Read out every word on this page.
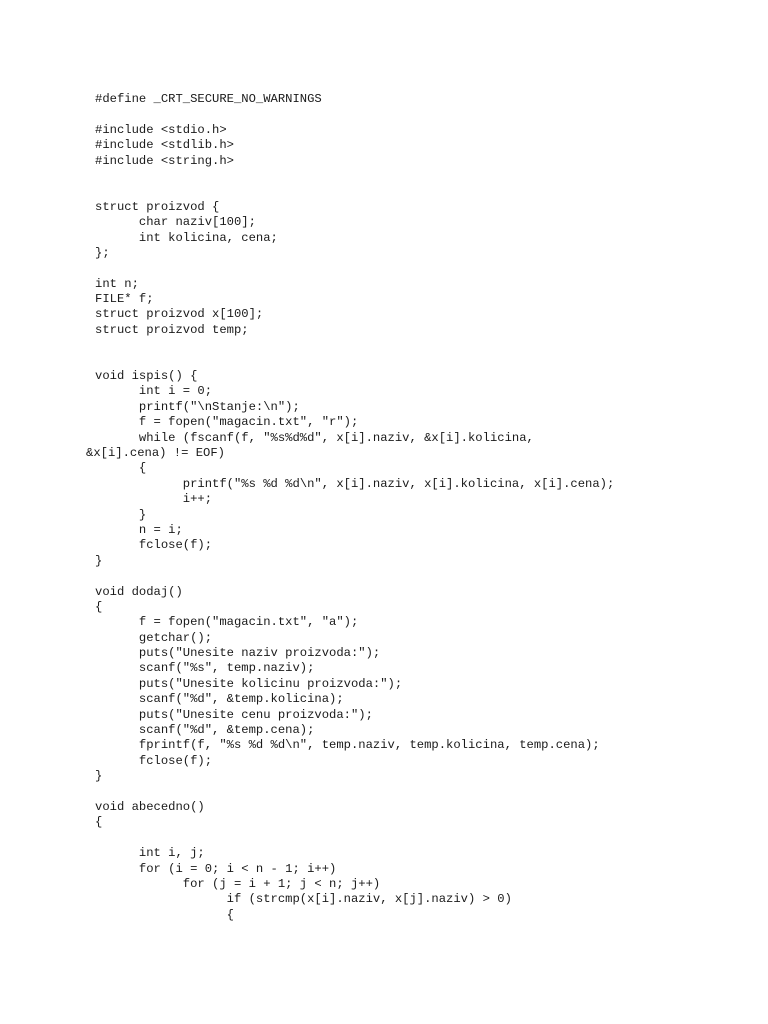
#define _CRT_SECURE_NO_WARNINGS
#include <stdio.h>
#include <stdlib.h>
#include <string.h>
struct proizvod {
char naziv[100];
int kolicina, cena;
};
int n;
FILE* f;
struct proizvod x[100];
struct proizvod temp;
void ispis() {
int i = 0;
printf("\nStanje:\n");
f = fopen("magacin.txt", "r");
while (fscanf(f, "%s%d%d", x[i].naziv, &x[i].kolicina,
&x[i].cena) != EOF)
{
printf("%s %d %d\n", x[i].naziv, x[i].kolicina, x[i].cena);
i++;
}
n = i;
fclose(f);
}
void dodaj()
{
f = fopen("magacin.txt", "a");
getchar();
puts("Unesite naziv proizvoda:");
scanf("%s", temp.naziv);
puts("Unesite kolicinu proizvoda:");
scanf("%d", &temp.kolicina);
puts("Unesite cenu proizvoda:");
scanf("%d", &temp.cena);
fprintf(f, "%s %d %d\n", temp.naziv, temp.kolicina, temp.cena);
fclose(f);
}
void abecedno()
{
int i, j;
for (i = 0; i < n - 1; i++)
for (j = i + 1; j < n; j++)
if (strcmp(x[i].naziv, x[j].naziv) > 0)
{
